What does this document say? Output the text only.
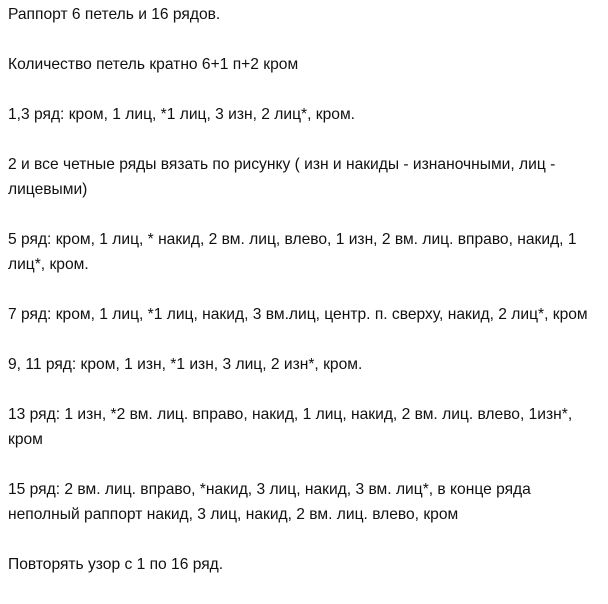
Раппорт 6 петель и 16 рядов.

Количество петель кратно 6+1 п+2 кром

1,3 ряд: кром, 1 лиц, *1 лиц, 3 изн, 2 лиц*, кром.

2 и все четные ряды вязать по рисунку ( изн и накиды - изнаночными, лиц - лицевыми)

5 ряд: кром, 1 лиц, * накид, 2 вм. лиц, влево, 1 изн, 2 вм. лиц. вправо, накид, 1 лиц*, кром.

7 ряд: кром, 1 лиц, *1 лиц, накид, 3 вм.лиц, центр. п. сверху, накид, 2 лиц*, кром

9, 11 ряд: кром, 1 изн, *1 изн, 3 лиц, 2 изн*, кром.

13 ряд: 1 изн, *2 вм. лиц. вправо, накид, 1 лиц, накид, 2 вм. лиц. влево, 1изн*, кром

15 ряд: 2 вм. лиц. вправо, *накид, 3 лиц, накид, 3 вм. лиц*, в конце ряда неполный раппорт накид, 3 лиц, накид, 2 вм. лиц. влево, кром

Повторять узор с 1 по 16 ряд.
